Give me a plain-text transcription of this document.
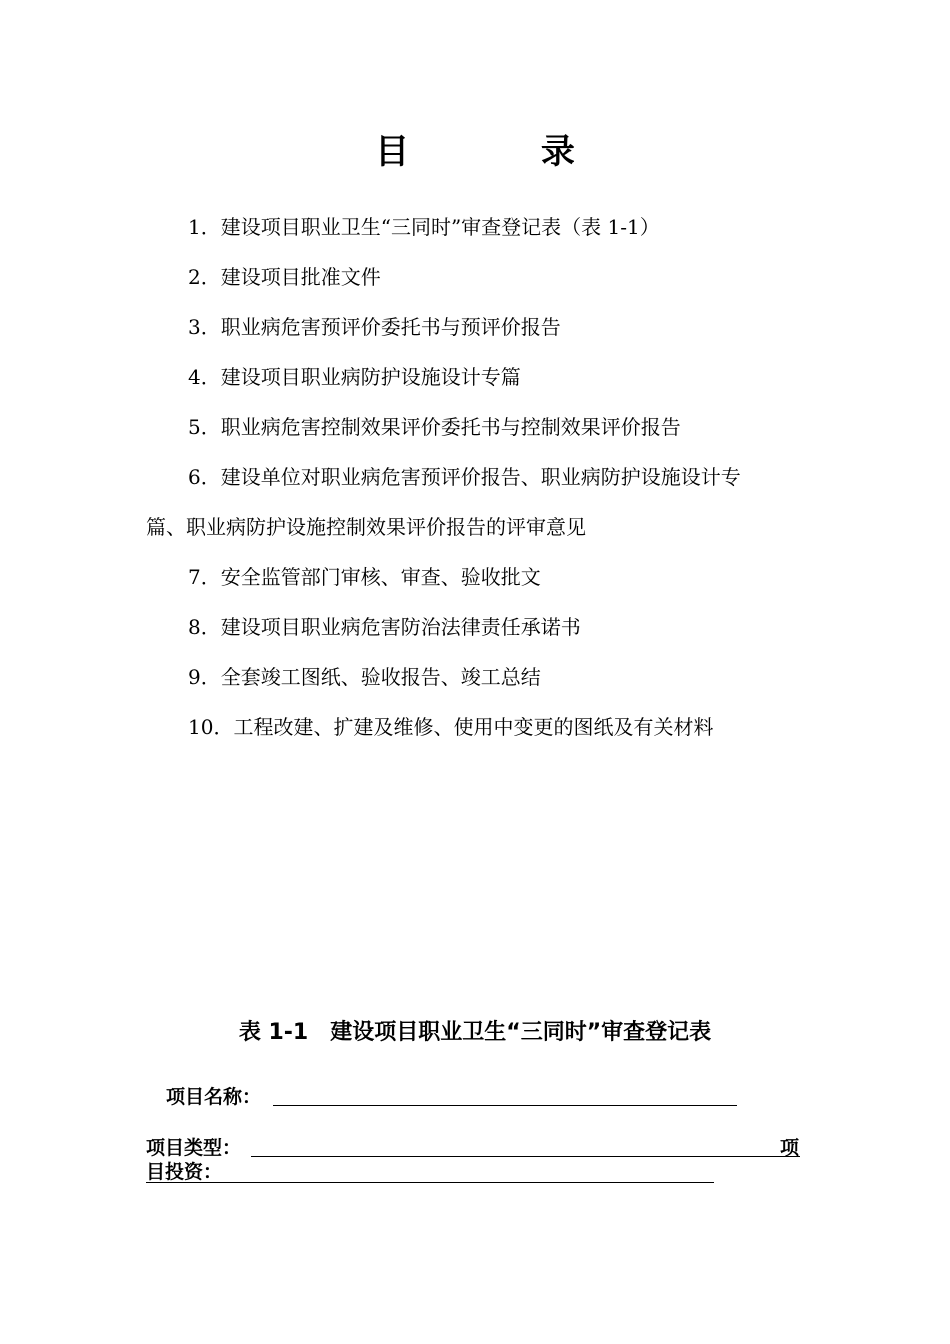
目 录
1．建设项目职业卫生“三同时”审查登记表（表 1-1）
2．建设项目批准文件
3．职业病危害预评价委托书与预评价报告
4．建设项目职业病防护设施设计专篇
5．职业病危害控制效果评价委托书与控制效果评价报告
6．建设单位对职业病危害预评价报告、职业病防护设施设计专
篇、职业病防护设施控制效果评价报告的评审意见
7．安全监管部门审核、审查、验收批文
8．建设项目职业病危害防治法律责任承诺书
9．全套竣工图纸、验收报告、竣工总结
10．工程改建、扩建及维修、使用中变更的图纸及有关材料
表 1-1　建设项目职业卫生“三同时”审查登记表
项目名称：
项目类型：	项
目投资：
